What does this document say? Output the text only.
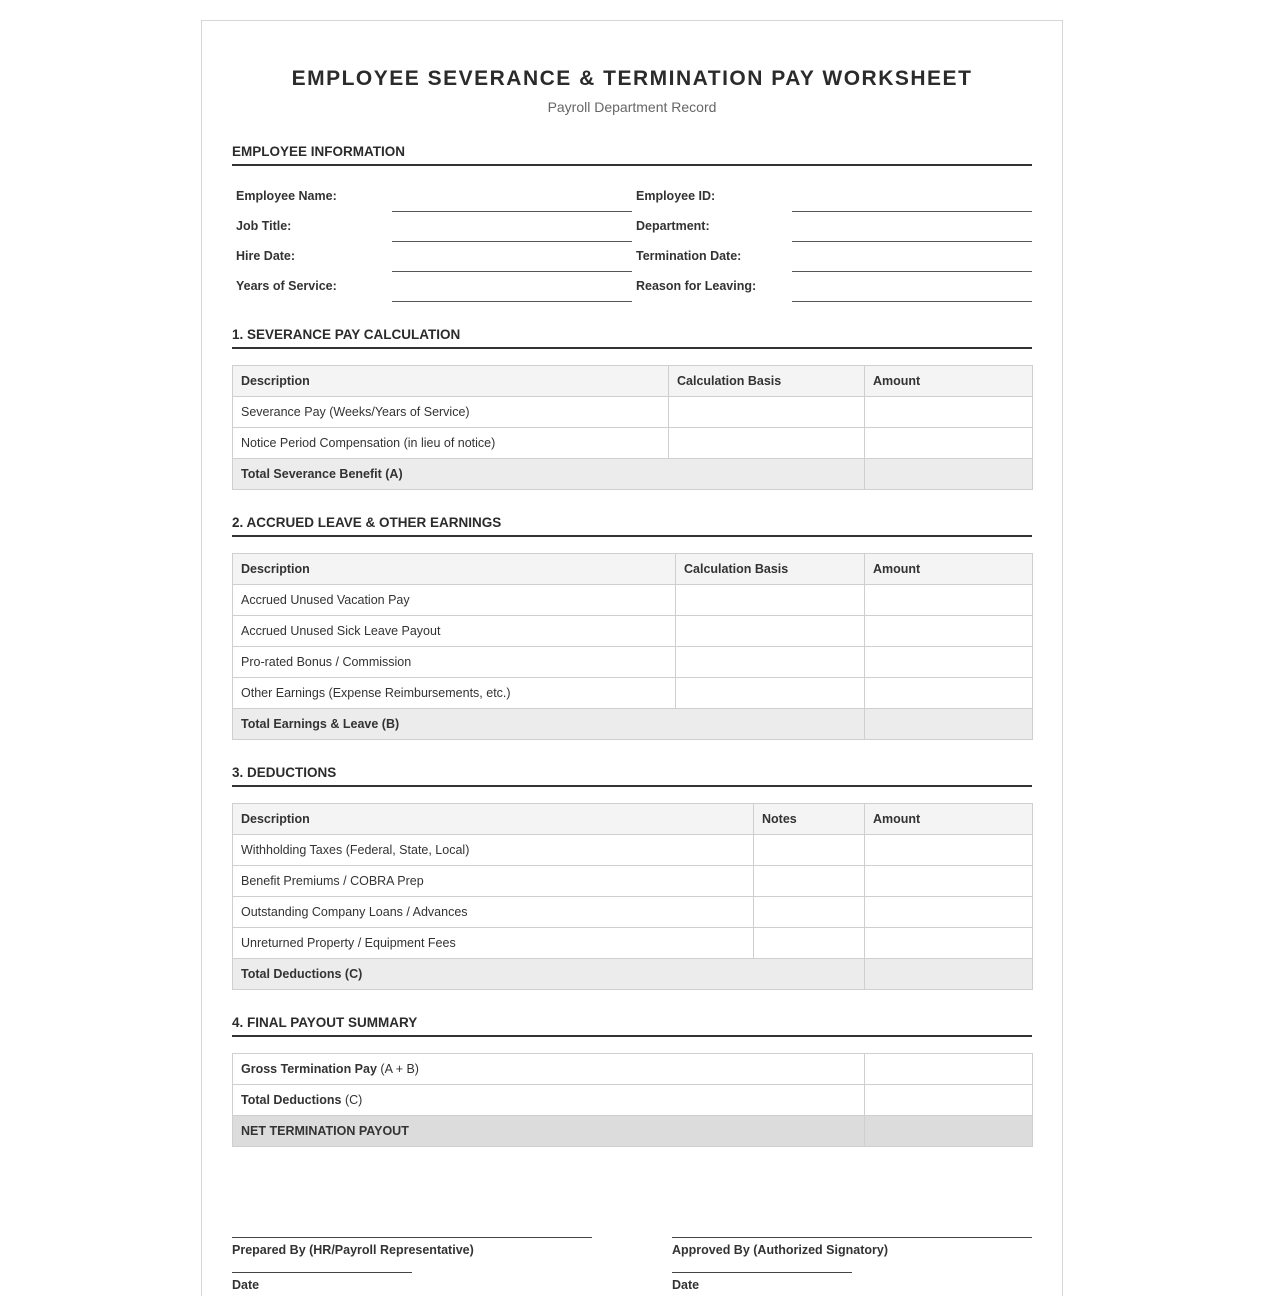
EMPLOYEE SEVERANCE & TERMINATION PAY WORKSHEET
Payroll Department Record
EMPLOYEE INFORMATION
Employee Name:	Employee ID:
Job Title:	Department:
Hire Date:	Termination Date:
Years of Service:	Reason for Leaving:
1. SEVERANCE PAY CALCULATION
Description	Calculation Basis	Amount
Severance Pay (Weeks/Years of Service)		
Notice Period Compensation (in lieu of notice)		
Total Severance Benefit (A)		
2. ACCRUED LEAVE & OTHER EARNINGS
Description	Calculation Basis	Amount
Accrued Unused Vacation Pay		
Accrued Unused Sick Leave Payout		
Pro-rated Bonus / Commission		
Other Earnings (Expense Reimbursements, etc.)		
Total Earnings & Leave (B)		
3. DEDUCTIONS
Description	Notes	Amount
Withholding Taxes (Federal, State, Local)		
Benefit Premiums / COBRA Prep		
Outstanding Company Loans / Advances		
Unreturned Property / Equipment Fees		
Total Deductions (C)		
4. FINAL PAYOUT SUMMARY
Gross Termination Pay (A + B)	
Total Deductions (C)	
NET TERMINATION PAYOUT	
Prepared By (HR/Payroll Representative)
Date
Approved By (Authorized Signatory)
Date
